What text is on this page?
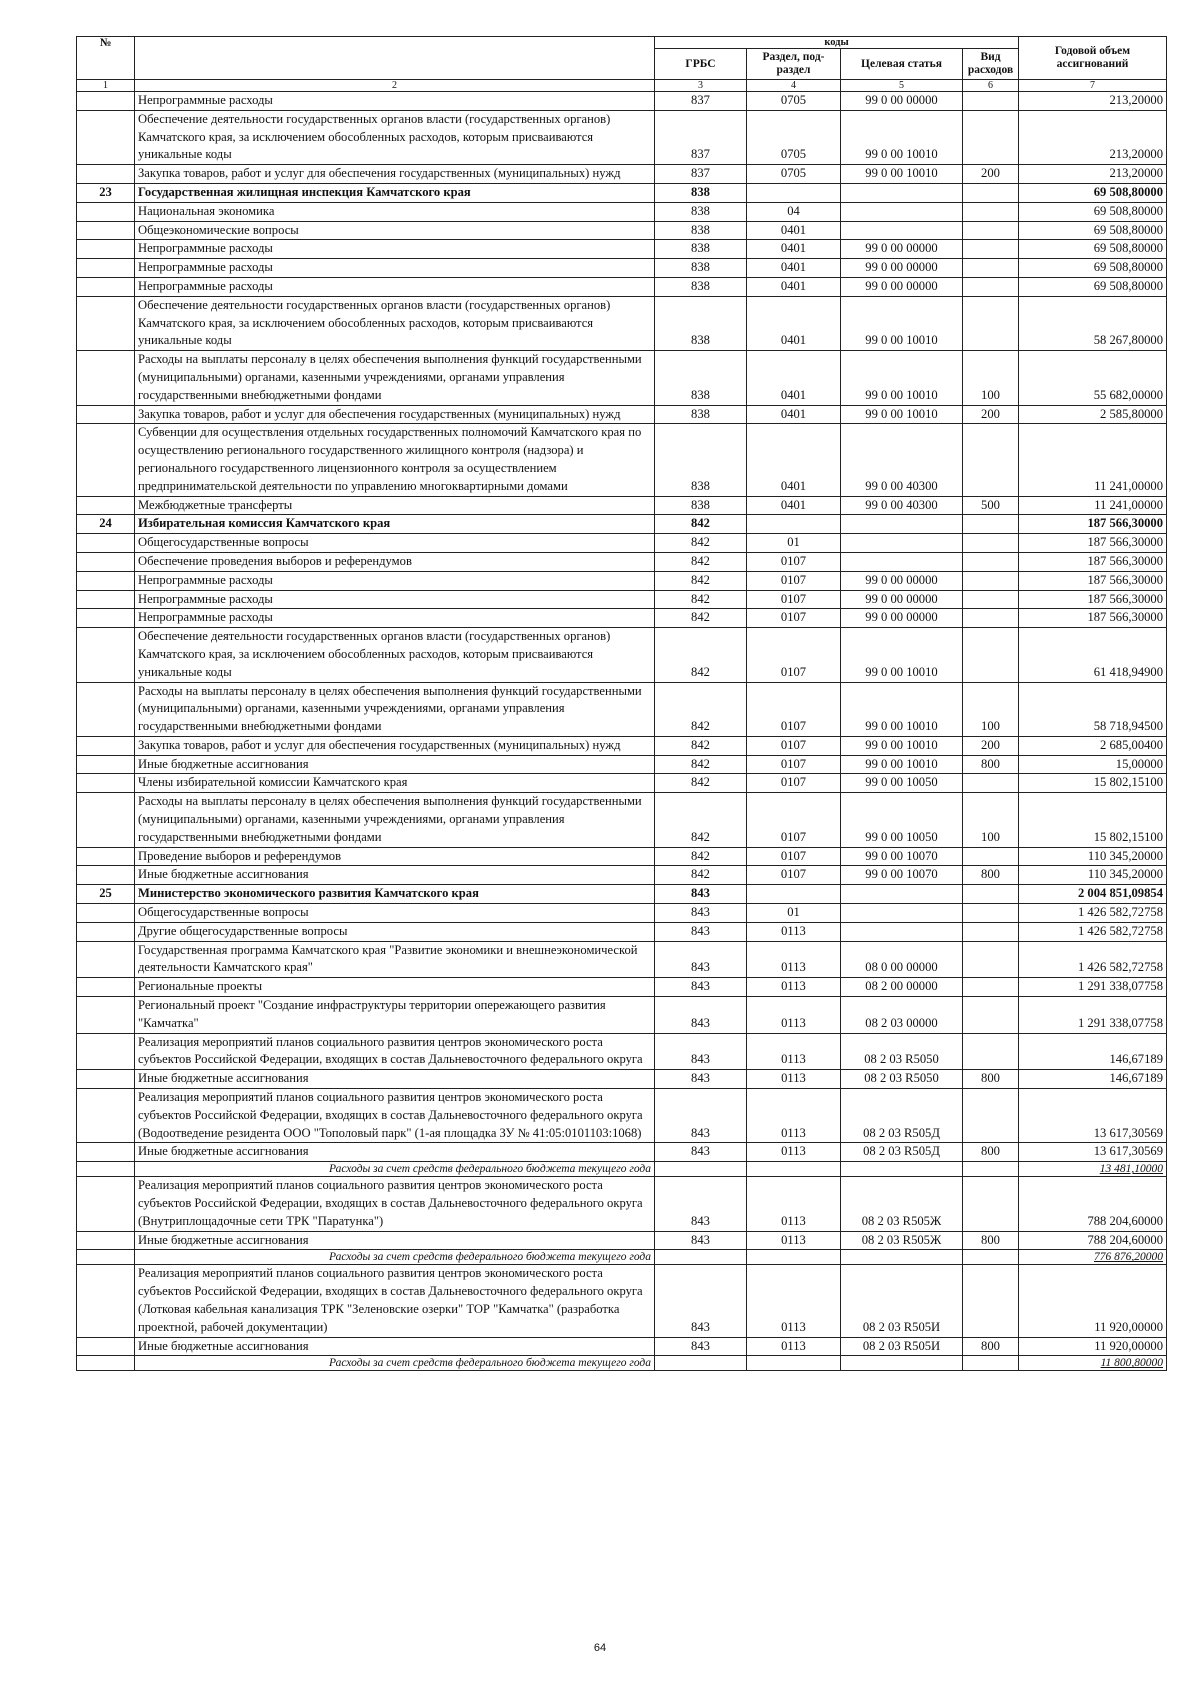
№		коды				Годовой объем ассигнований
		ГРБС	Раздел, под-раздел	Целевая статья	Вид расходов	
1	2	3	4	5	6	7
	Непрограммные расходы	837	0705	99 0 00 00000		213,20000
	Обеспечение деятельности государственных органов власти (государственных органов) Камчатского края, за исключением обособленных расходов, которым присваиваются уникальные коды	837	0705	99 0 00 10010		213,20000
	Закупка товаров, работ и услуг для обеспечения государственных (муниципальных) нужд	837	0705	99 0 00 10010	200	213,20000
23	Государственная жилищная инспекция Камчатского края	838				69 508,80000
	Национальная экономика	838	04			69 508,80000
	Общеэкономические вопросы	838	0401			69 508,80000
	Непрограммные расходы	838	0401	99 0 00 00000		69 508,80000
	Непрограммные расходы	838	0401	99 0 00 00000		69 508,80000
	Непрограммные расходы	838	0401	99 0 00 00000		69 508,80000
	Обеспечение деятельности государственных органов власти (государственных органов) Камчатского края, за исключением обособленных расходов, которым присваиваются уникальные коды	838	0401	99 0 00 10010		58 267,80000
	Расходы на выплаты персоналу в целях обеспечения выполнения функций государственными (муниципальными) органами, казенными учреждениями, органами управления государственными внебюджетными фондами	838	0401	99 0 00 10010	100	55 682,00000
	Закупка товаров, работ и услуг для обеспечения государственных (муниципальных) нужд	838	0401	99 0 00 10010	200	2 585,80000
	Субвенции для осуществления отдельных государственных полномочий Камчатского края по осуществлению регионального государственного жилищного контроля (надзора) и регионального государственного лицензионного контроля за осуществлением предпринимательской деятельности по управлению многоквартирными домами	838	0401	99 0 00 40300		11 241,00000
	Межбюджетные трансферты	838	0401	99 0 00 40300	500	11 241,00000
24	Избирательная комиссия Камчатского края	842				187 566,30000
	Общегосударственные вопросы	842	01			187 566,30000
	Обеспечение проведения выборов и референдумов	842	0107			187 566,30000
	Непрограммные расходы	842	0107	99 0 00 00000		187 566,30000
	Непрограммные расходы	842	0107	99 0 00 00000		187 566,30000
	Непрограммные расходы	842	0107	99 0 00 00000		187 566,30000
	Обеспечение деятельности государственных органов власти (государственных органов) Камчатского края, за исключением обособленных расходов, которым присваиваются уникальные коды	842	0107	99 0 00 10010		61 418,94900
	Расходы на выплаты персоналу в целях обеспечения выполнения функций государственными (муниципальными) органами, казенными учреждениями, органами управления государственными внебюджетными фондами	842	0107	99 0 00 10010	100	58 718,94500
	Закупка товаров, работ и услуг для обеспечения государственных (муниципальных) нужд	842	0107	99 0 00 10010	200	2 685,00400
	Иные бюджетные ассигнования	842	0107	99 0 00 10010	800	15,00000
	Члены избирательной комиссии Камчатского края	842	0107	99 0 00 10050		15 802,15100
	Расходы на выплаты персоналу в целях обеспечения выполнения функций государственными (муниципальными) органами, казенными учреждениями, органами управления государственными внебюджетными фондами	842	0107	99 0 00 10050	100	15 802,15100
	Проведение выборов и референдумов	842	0107	99 0 00 10070		110 345,20000
	Иные бюджетные ассигнования	842	0107	99 0 00 10070	800	110 345,20000
25	Министерство экономического развития Камчатского края	843				2 004 851,09854
	Общегосударственные вопросы	843	01			1 426 582,72758
	Другие общегосударственные вопросы	843	0113			1 426 582,72758
	Государственная программа Камчатского края "Развитие экономики и внешнеэкономической деятельности Камчатского края"	843	0113	08 0 00 00000		1 426 582,72758
	Региональные проекты	843	0113	08 2 00 00000		1 291 338,07758
	Региональный проект "Создание инфраструктуры территории опережающего развития "Камчатка"	843	0113	08 2 03 00000		1 291 338,07758
	Реализация мероприятий планов социального развития центров экономического роста субъектов Российской Федерации, входящих в состав Дальневосточного федерального округа	843	0113	08 2 03 R5050		146,67189
	Иные бюджетные ассигнования	843	0113	08 2 03 R5050	800	146,67189
	Реализация мероприятий планов социального развития центров экономического роста субъектов Российской Федерации, входящих в состав Дальневосточного федерального округа (Водоотведение резидента ООО "Тополовый парк" (1-ая площадка ЗУ № 41:05:0101103:1068)	843	0113	08 2 03 R505Д		13 617,30569
	Иные бюджетные ассигнования	843	0113	08 2 03 R505Д	800	13 617,30569
	Расходы за счет средств федерального бюджета текущего года					13 481,10000
	Реализация мероприятий планов социального развития центров экономического роста субъектов Российской Федерации, входящих в состав Дальневосточного федерального округа (Внутриплощадочные сети ТРК "Паратунка")	843	0113	08 2 03 R505Ж		788 204,60000
	Иные бюджетные ассигнования	843	0113	08 2 03 R505Ж	800	788 204,60000
	Расходы за счет средств федерального бюджета текущего года					776 876,20000
	Реализация мероприятий планов социального развития центров экономического роста субъектов Российской Федерации, входящих в состав Дальневосточного федерального округа (Лотковая кабельная канализация ТРК "Зеленовские озерки" ТОР "Камчатка" (разработка проектной, рабочей документации)	843	0113	08 2 03 R505И		11 920,00000
	Иные бюджетные ассигнования	843	0113	08 2 03 R505И	800	11 920,00000
	Расходы за счет средств федерального бюджета текущего года					11 800,80000
64
